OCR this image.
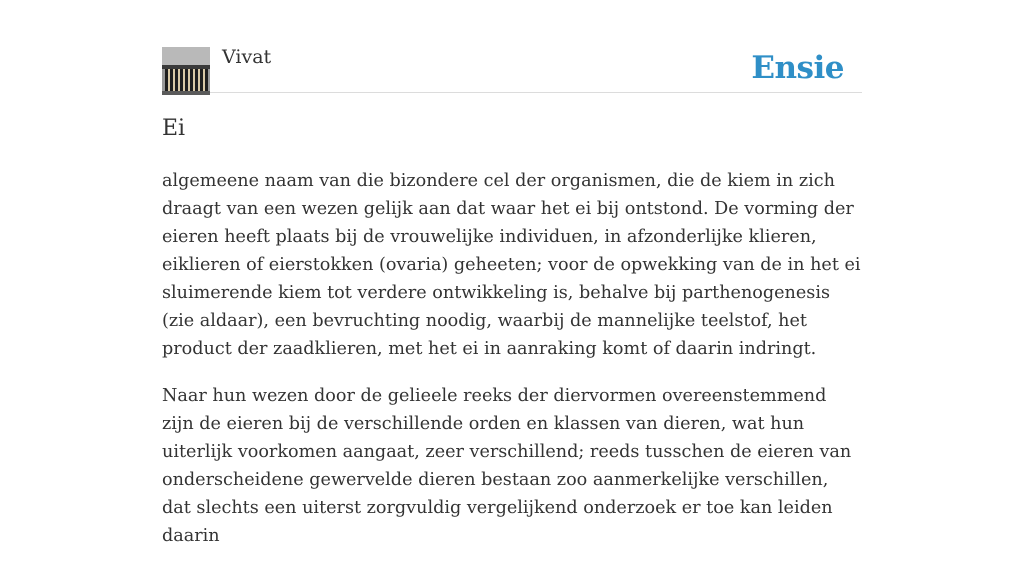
Vivat	Ensie
Ei

algemeene naam van die bizondere cel der organismen, die de kiem in zich draagt van een wezen gelijk aan dat waar het ei bij ontstond. De vorming der eieren heeft plaats bij de vrouwelijke individuen, in afzonderlijke klieren, eiklieren of eierstokken (ovaria) geheeten; voor de opwekking van de in het ei sluimerende kiem tot verdere ontwikkeling is, behalve bij parthenogenesis (zie aldaar), een bevruchting noodig, waarbij de mannelijke teelstof, het product der zaadklieren, met het ei in aanraking komt of daarin indringt.

Naar hun wezen door de gelieele reeks der diervormen overeenstemmend zijn de eieren bij de verschillende orden en klassen van dieren, wat hun uiterlijk voorkomen aangaat, zeer verschillend; reeds tusschen de eieren van onderscheidene gewervelde dieren bestaan zoo aanmerkelijke verschillen, dat slechts een uiterst zorgvuldig vergelijkend onderzoek er toe kan leiden daarin
